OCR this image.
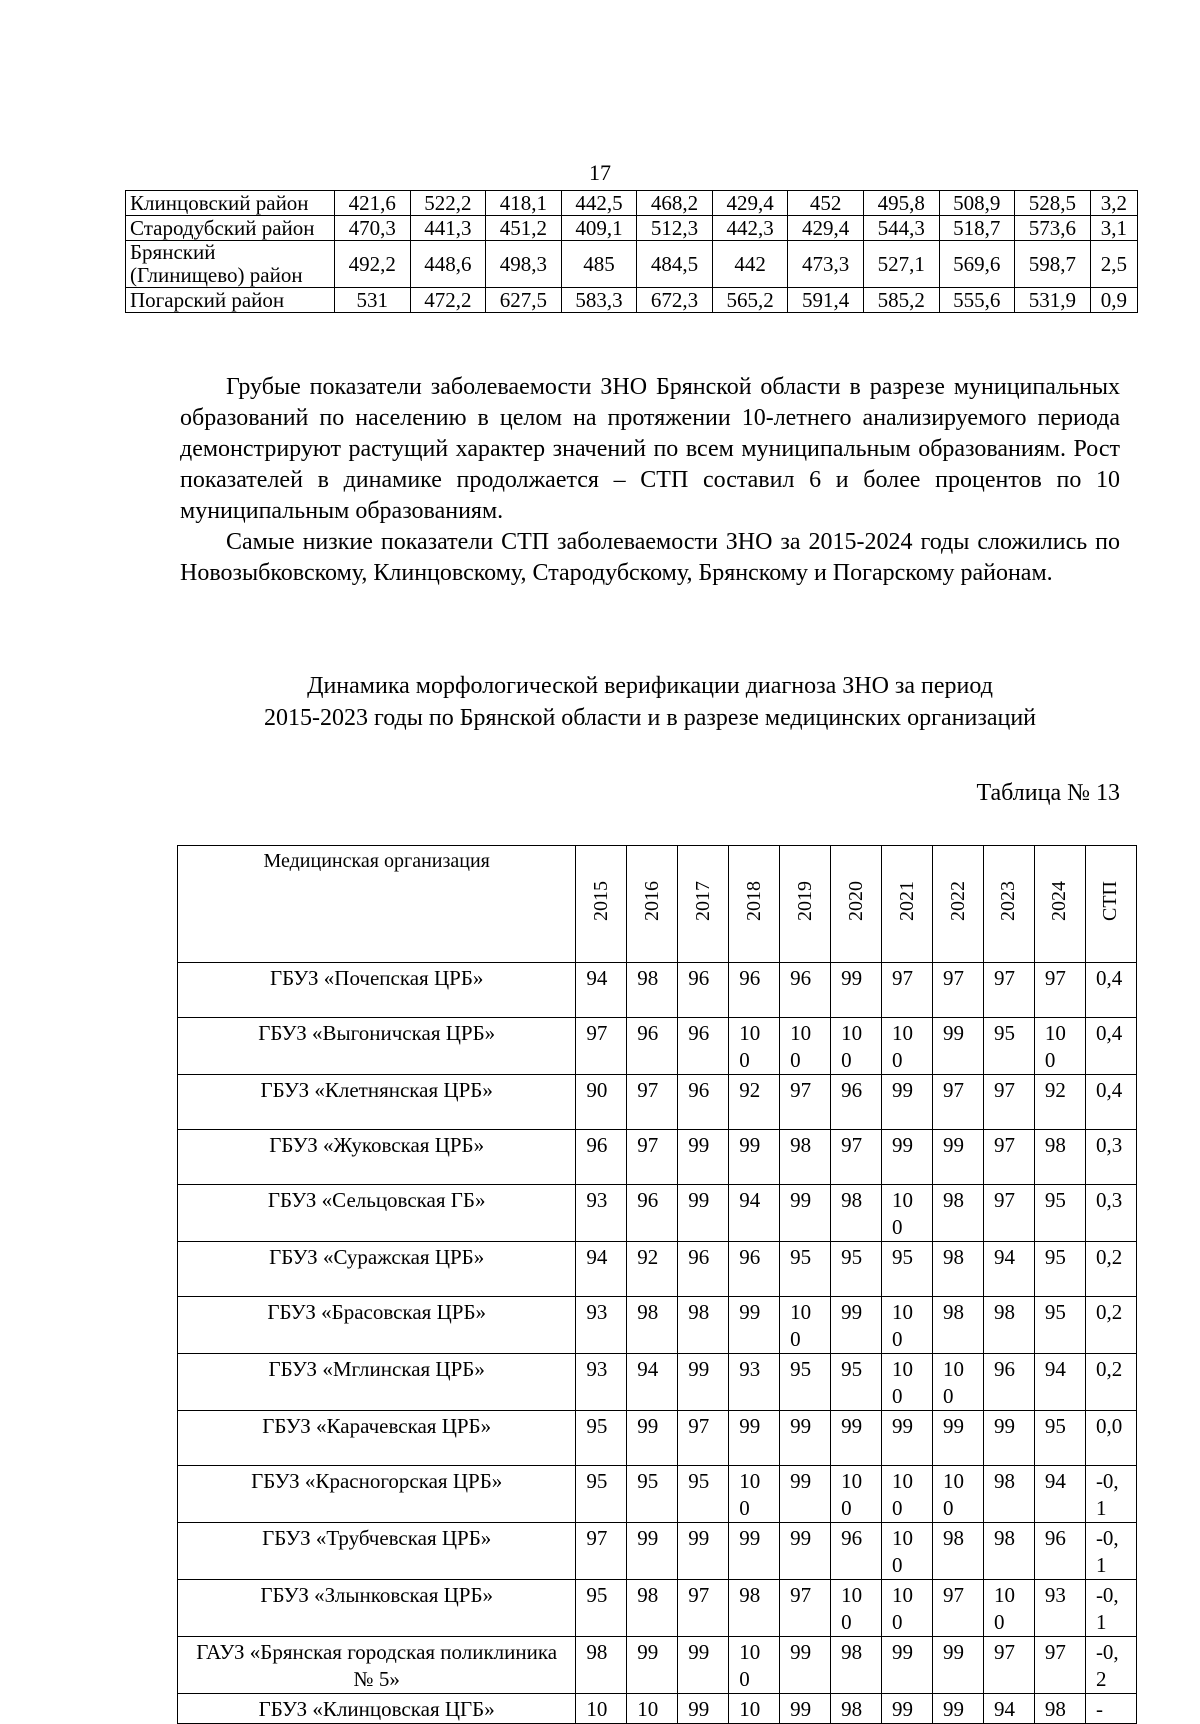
17
Клинцовский район	421,6	522,2	418,1	442,5	468,2	429,4	452	495,8	508,9	528,5	3,2
Стародубский район	470,3	441,3	451,2	409,1	512,3	442,3	429,4	544,3	518,7	573,6	3,1
Брянский (Глинищево) район	492,2	448,6	498,3	485	484,5	442	473,3	527,1	569,6	598,7	2,5
Погарский район	531	472,2	627,5	583,3	672,3	565,2	591,4	585,2	555,6	531,9	0,9

Грубые показатели заболеваемости ЗНО Брянской области в разрезе муниципальных образований по населению в целом на протяжении 10-летнего анализируемого периода демонстрируют растущий характер значений по всем муниципальным образованиям. Рост показателей в динамике продолжается – СТП составил 6 и более процентов по 10 муниципальным образованиям.

Самые низкие показатели СТП заболеваемости ЗНО за 2015-2024 годы сложились по Новозыбковскому, Клинцовскому, Стародубскому, Брянскому и Погарскому районам.

Динамика морфологической верификации диагноза ЗНО за период
2015-2023 годы по Брянской области и в разрезе медицинских организаций
Таблица № 13
Медицинская организация	2015	2016	2017	2018	2019	2020	2021	2022	2023	2024	СТП
ГБУЗ «Почепская ЦРБ»	94	98	96	96	96	99	97	97	97	97	0,4

ГБУЗ «Выгоничская ЦРБ»	97	96	96	100	100	100	100	99	95	100	0,4

ГБУЗ «Клетнянская ЦРБ»	90	97	96	92	97	96	99	97	97	92	0,4

ГБУЗ «Жуковская ЦРБ»	96	97	99	99	98	97	99	99	97	98	0,3

ГБУЗ «Сельцовская ГБ»	93	96	99	94	99	98	100	98	97	95	0,3

ГБУЗ «Суражская ЦРБ»	94	92	96	96	95	95	95	98	94	95	0,2

ГБУЗ «Брасовская ЦРБ»	93	98	98	99	100	99	100	98	98	95	0,2

ГБУЗ «Мглинская ЦРБ»	93	94	99	93	95	95	100	100	96	94	0,2

ГБУЗ «Карачевская ЦРБ»	95	99	97	99	99	99	99	99	99	95	0,0

ГБУЗ «Красногорская ЦРБ»	95	95	95	100	99	100	100	100	98	94	-0,1

ГБУЗ «Трубчевская ЦРБ»	97	99	99	99	99	96	100	98	98	96	-0,1

ГБУЗ «Злынковская ЦРБ»	95	98	97	98	97	100	100	97	100	93	-0,1

ГАУЗ «Брянская городская поликлиника № 5»	98	99	99	100	99	98	99	99	97	97	-0,2

ГБУЗ «Клинцовская ЦГБ»	10	10	99	10	99	98	99	99	94	98	-
